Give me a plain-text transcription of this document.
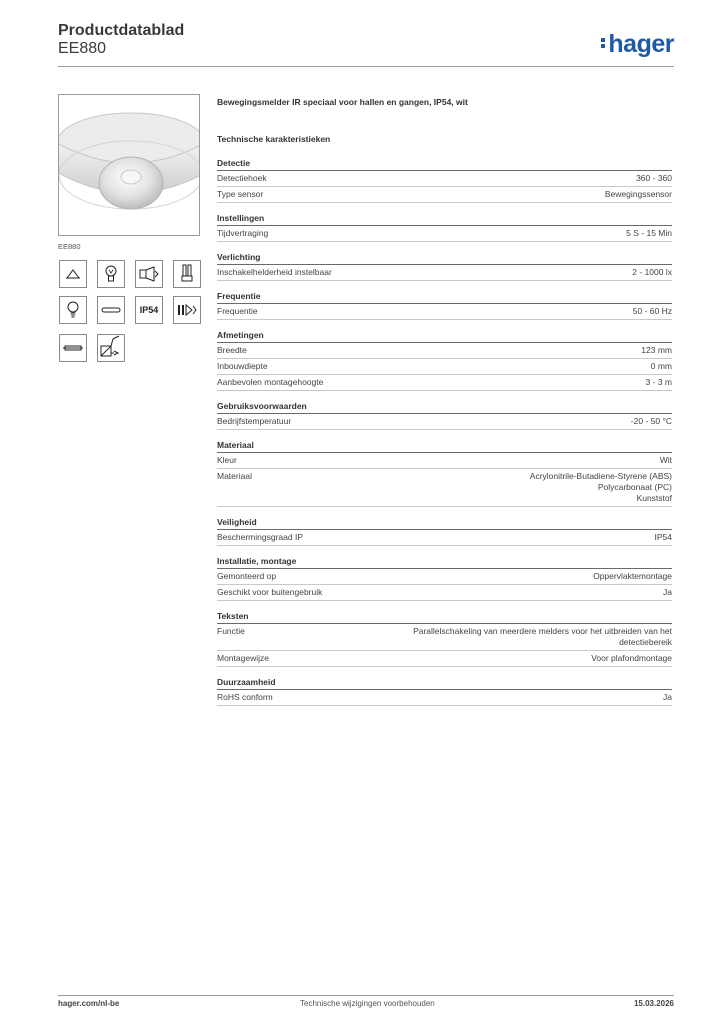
Productdatablad
EE880	hager
EE880
IP54
Bewegingsmelder IR speciaal voor hallen en gangen, IP54, wit
Technische karakteristieken
Detectie
Detectiehoek	360 - 360
Type sensor	Bewegingssensor
Instellingen
Tijdvertraging	5 S - 15 Min
Verlichting
Inschakelhelderheid instelbaar	2 - 1000 lx
Frequentie
Frequentie	50 - 60 Hz
Afmetingen
Breedte	123 mm
Inbouwdiepte	0 mm
Aanbevolen montagehoogte	3 - 3 m
Gebruiksvoorwaarden
Bedrijfstemperatuur	-20 - 50 °C
Materiaal
Kleur	Wit
Materiaal	Acrylonitrile-Butadiene-Styrene (ABS)
Polycarbonaat (PC)
Kunststof
Veiligheid
Beschermingsgraad IP	IP54
Installatie, montage
Gemonteerd op	Oppervlaktemontage
Geschikt voor buitengebruik	Ja
Teksten
Functie	Parallelschakeling van meerdere melders voor het uitbreiden van het
detectiebereik
Montagewijze	Voor plafondmontage
Duurzaamheid
RoHS conform	Ja
hager.com/nl-be	Technische wijzigingen voorbehouden	15.03.2026
